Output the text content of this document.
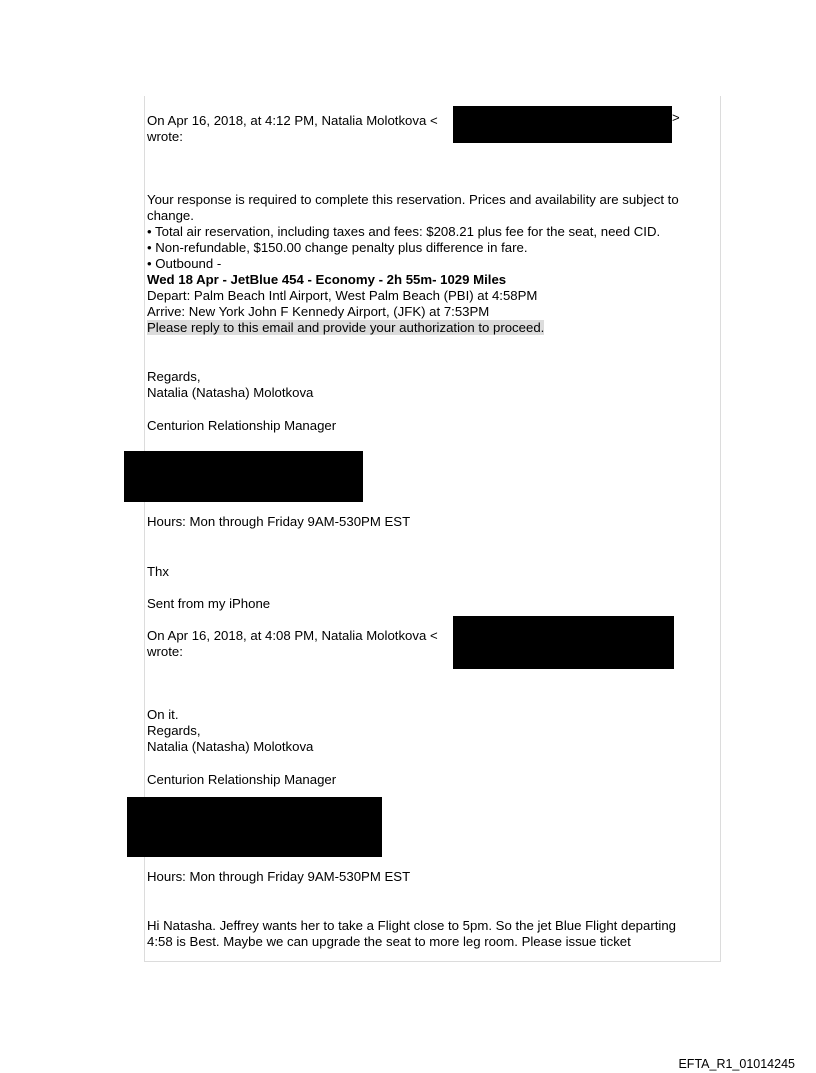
On Apr 16, 2018, at 4:12 PM, Natalia Molotkova <	>
wrote:
Your response is required to complete this reservation. Prices and availability are subject to
change.
• Total air reservation, including taxes and fees: $208.21 plus fee for the seat, need CID.
• Non-refundable, $150.00 change penalty plus difference in fare.
• Outbound -
Wed 18 Apr - JetBlue 454 - Economy - 2h 55m- 1029 Miles
Depart: Palm Beach Intl Airport, West Palm Beach (PBI) at 4:58PM
Arrive: New York John F Kennedy Airport, (JFK) at 7:53PM
Please reply to this email and provide your authorization to proceed.
Regards,
Natalia (Natasha) Molotkova
Centurion Relationship Manager
Hours: Mon through Friday 9AM-530PM EST
Thx
Sent from my iPhone
On Apr 16, 2018, at 4:08 PM, Natalia Molotkova <
wrote:
On it.
Regards,
Natalia (Natasha) Molotkova
Centurion Relationship Manager
Hours: Mon through Friday 9AM-530PM EST
Hi Natasha. Jeffrey wants her to take a Flight close to 5pm. So the jet Blue Flight departing
4:58 is Best. Maybe we can upgrade the seat to more leg room. Please issue ticket
EFTA_R1_01014245
